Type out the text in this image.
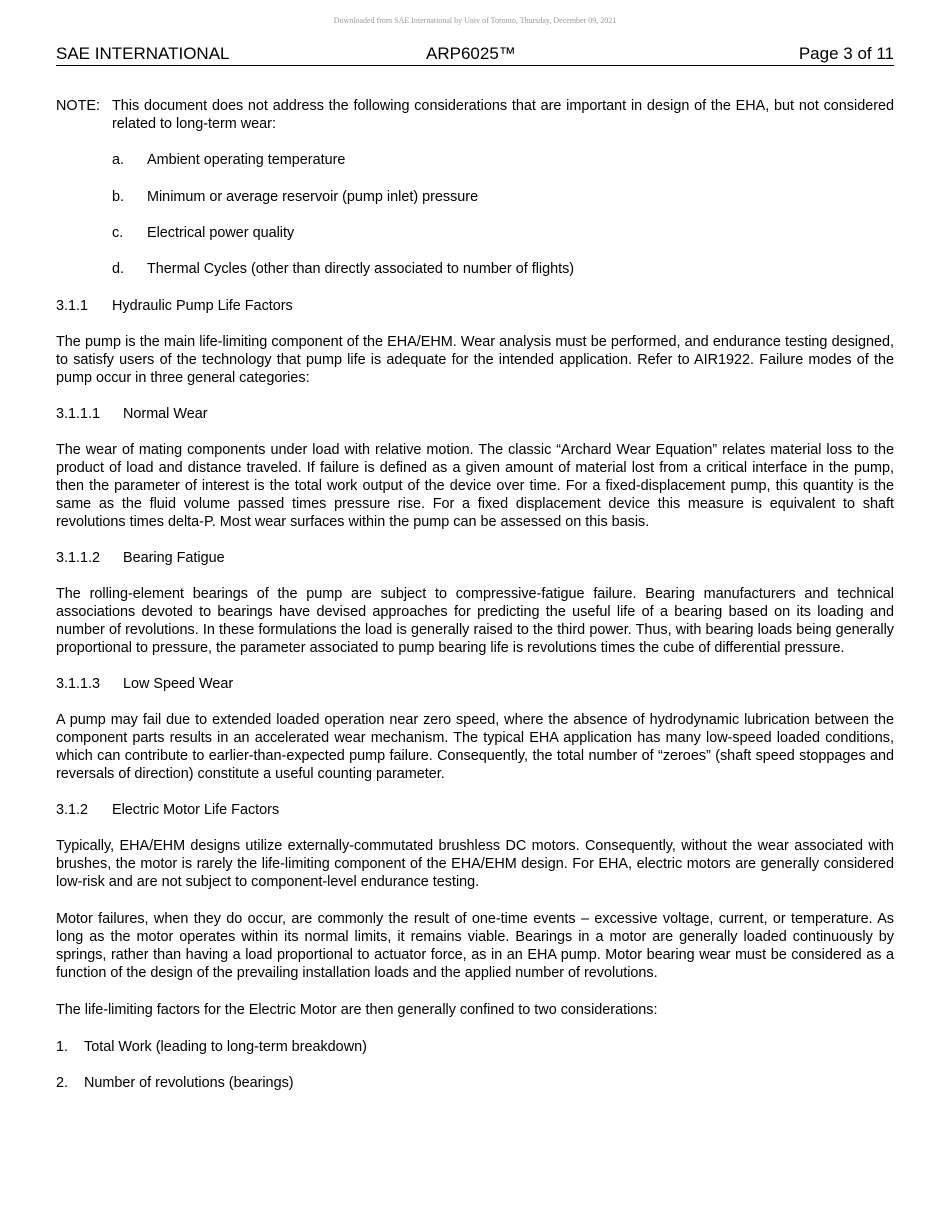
Downloaded from SAE International by Univ of Toronto, Thursday, December 09, 2021
SAE INTERNATIONAL	ARP6025™	Page 3 of 11

NOTE: This document does not address the following considerations that are important in design of the EHA, but not considered related to long-term wear:

a. Ambient operating temperature

b. Minimum or average reservoir (pump inlet) pressure

c. Electrical power quality

d. Thermal Cycles (other than directly associated to number of flights)

3.1.1 Hydraulic Pump Life Factors

The pump is the main life-limiting component of the EHA/EHM. Wear analysis must be performed, and endurance testing designed, to satisfy users of the technology that pump life is adequate for the intended application. Refer to AIR1922. Failure modes of the pump occur in three general categories:

3.1.1.1 Normal Wear

The wear of mating components under load with relative motion. The classic “Archard Wear Equation” relates material loss to the product of load and distance traveled. If failure is defined as a given amount of material lost from a critical interface in the pump, then the parameter of interest is the total work output of the device over time. For a fixed-displacement pump, this quantity is the same as the fluid volume passed times pressure rise. For a fixed displacement device this measure is equivalent to shaft revolutions times delta-P. Most wear surfaces within the pump can be assessed on this basis.

3.1.1.2 Bearing Fatigue

The rolling-element bearings of the pump are subject to compressive-fatigue failure. Bearing manufacturers and technical associations devoted to bearings have devised approaches for predicting the useful life of a bearing based on its loading and number of revolutions. In these formulations the load is generally raised to the third power. Thus, with bearing loads being generally proportional to pressure, the parameter associated to pump bearing life is revolutions times the cube of differential pressure.

3.1.1.3 Low Speed Wear

A pump may fail due to extended loaded operation near zero speed, where the absence of hydrodynamic lubrication between the component parts results in an accelerated wear mechanism. The typical EHA application has many low-speed loaded conditions, which can contribute to earlier-than-expected pump failure. Consequently, the total number of “zeroes” (shaft speed stoppages and reversals of direction) constitute a useful counting parameter.

3.1.2 Electric Motor Life Factors

Typically, EHA/EHM designs utilize externally-commutated brushless DC motors. Consequently, without the wear associated with brushes, the motor is rarely the life-limiting component of the EHA/EHM design. For EHA, electric motors are generally considered low-risk and are not subject to component-level endurance testing.

Motor failures, when they do occur, are commonly the result of one-time events – excessive voltage, current, or temperature. As long as the motor operates within its normal limits, it remains viable. Bearings in a motor are generally loaded continuously by springs, rather than having a load proportional to actuator force, as in an EHA pump. Motor bearing wear must be considered as a function of the design of the prevailing installation loads and the applied number of revolutions.

The life-limiting factors for the Electric Motor are then generally confined to two considerations:

1. Total Work (leading to long-term breakdown)

2. Number of revolutions (bearings)
